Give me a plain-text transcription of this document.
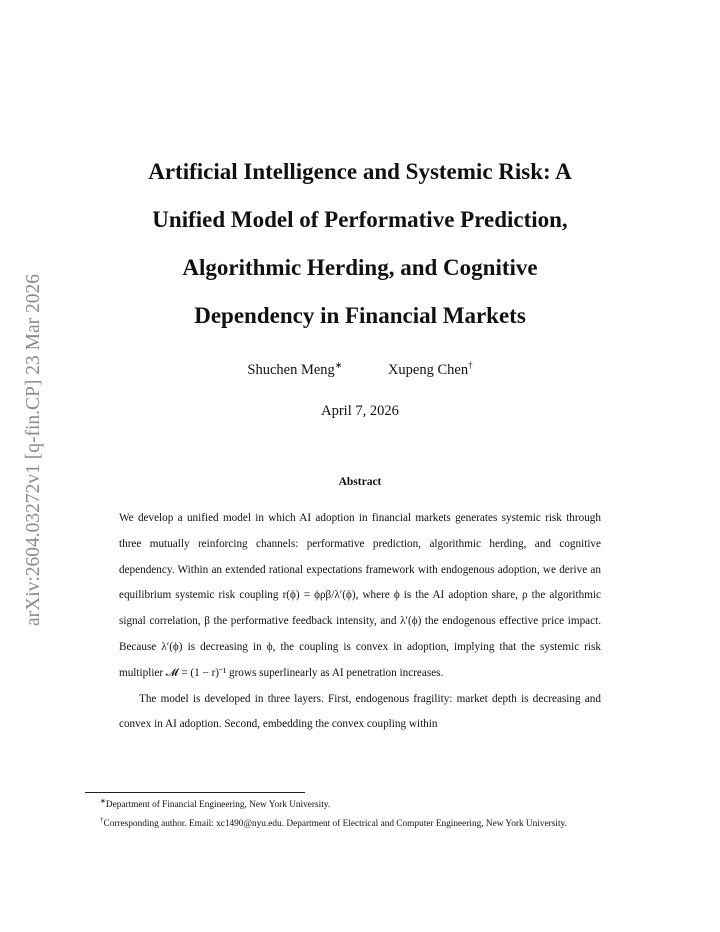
arXiv:2604.03272v1 [q-fin.CP] 23 Mar 2026
Artificial Intelligence and Systemic Risk: A
Unified Model of Performative Prediction,
Algorithmic Herding, and Cognitive
Dependency in Financial Markets
Shuchen Meng∗	Xupeng Chen†
April 7, 2026
Abstract

We develop a unified model in which AI adoption in financial markets generates systemic risk through three mutually reinforcing channels: performative prediction, algorithmic herding, and cognitive dependency. Within an extended rational expectations framework with endogenous adoption, we derive an equilibrium systemic risk coupling r(ϕ) = ϕρβ/λ′(ϕ), where ϕ is the AI adoption share, ρ the algorithmic signal correlation, β the performative feedback intensity, and λ′(ϕ) the endogenous effective price impact. Because λ′(ϕ) is decreasing in ϕ, the coupling is convex in adoption, implying that the systemic risk multiplier 𝓜 = (1 − r)⁻¹ grows superlinearly as AI penetration increases.

The model is developed in three layers. First, endogenous fragility: market depth is decreasing and convex in AI adoption. Second, embedding the convex coupling within

∗Department of Financial Engineering, New York University.

†Corresponding author. Email: xc1490@nyu.edu. Department of Electrical and Computer Engineering, New York University.
